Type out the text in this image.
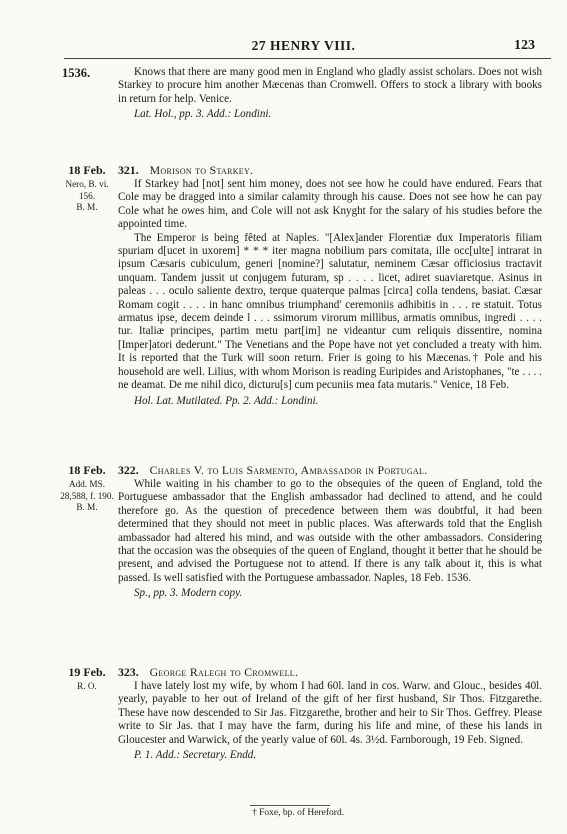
27 HENRY VIII.	123
1536.	Knows that there are many good men in England who gladly assist scholars. Does not wish Starkey to procure him another Mæcenas than Cromwell. Offers to stock a library with books in return for help. Venice.

Lat. Hol., pp. 3. Add.: Londini.
18 Feb.
Nero, B. vi.
156.
B. M.
321. Morison to Starkey.

If Starkey had [not] sent him money, does not see how he could have endured. Fears that Cole may be dragged into a similar calamity through his cause. Does not see how he can pay Cole what he owes him, and Cole will not ask Knyght for the salary of his studies before the appointed time.

The Emperor is being fêted at Naples. "[Alex]ander Florentiæ dux Imperatoris filiam spuriam d[ucet in uxorem] * * * iter magna nobilium pars comitata, ille occ[ulte] intrarat in ipsum Cæsaris cubiculum, generi [nomine?] salutatur, neminem Cæsar officiosius tractavit unquam. Tandem jussit ut conjugem futuram, sp . . . . licet, adiret suaviaretque. Asinus in paleas . . . oculo saliente dextro, terque quaterque palmas [circa] colla tendens, basiat. Cæsar Romam cogit . . . . in hanc omnibus triumphand' ceremoniis adhibitis in . . . re statuit. Totus armatus ipse, decem deinde l . . . ssimorum virorum millibus, armatis omnibus, ingredi . . . . tur. Italiæ principes, partim metu part[im] ne videantur cum reliquis dissentire, nomina [Imper]atori dederunt." The Venetians and the Pope have not yet concluded a treaty with him. It is reported that the Turk will soon return. Frier is going to his Mæcenas.† Pole and his household are well. Lilius, with whom Morison is reading Euripides and Aristophanes, "te . . . . ne deamat. De me nihil dico, dicturu[s] cum pecuniis mea fata mutaris." Venice, 18 Feb.

Hol. Lat. Mutilated. Pp. 2. Add.: Londini.
18 Feb.
Add. MS.
28,588, f. 190.
B. M.
322. Charles V. to Luis Sarmento, Ambassador in Portugal.

While waiting in his chamber to go to the obsequies of the queen of England, told the Portuguese ambassador that the English ambassador had declined to attend, and he could therefore go. As the question of precedence between them was doubtful, it had been determined that they should not meet in public places. Was afterwards told that the English ambassador had altered his mind, and was outside with the other ambassadors. Considering that the occasion was the obsequies of the queen of England, thought it better that he should be present, and advised the Portuguese not to attend. If there is any talk about it, this is what passed. Is well satisfied with the Portuguese ambassador. Naples, 18 Feb. 1536.

Sp., pp. 3. Modern copy.
19 Feb.
R. O.
323. George Ralegh to Cromwell.

I have lately lost my wife, by whom I had 60l. land in cos. Warw. and Glouc., besides 40l. yearly, payable to her out of Ireland of the gift of her first husband, Sir Thos. Fitzgarethe. These have now descended to Sir Jas. Fitzgarethe, brother and heir to Sir Thos. Geffrey. Please write to Sir Jas. that I may have the farm, during his life and mine, of these his lands in Gloucester and Warwick, of the yearly value of 60l. 4s. 3½d. Farnborough, 19 Feb. Signed.

P. 1. Add.: Secretary. Endd.
† Foxe, bp. of Hereford.
